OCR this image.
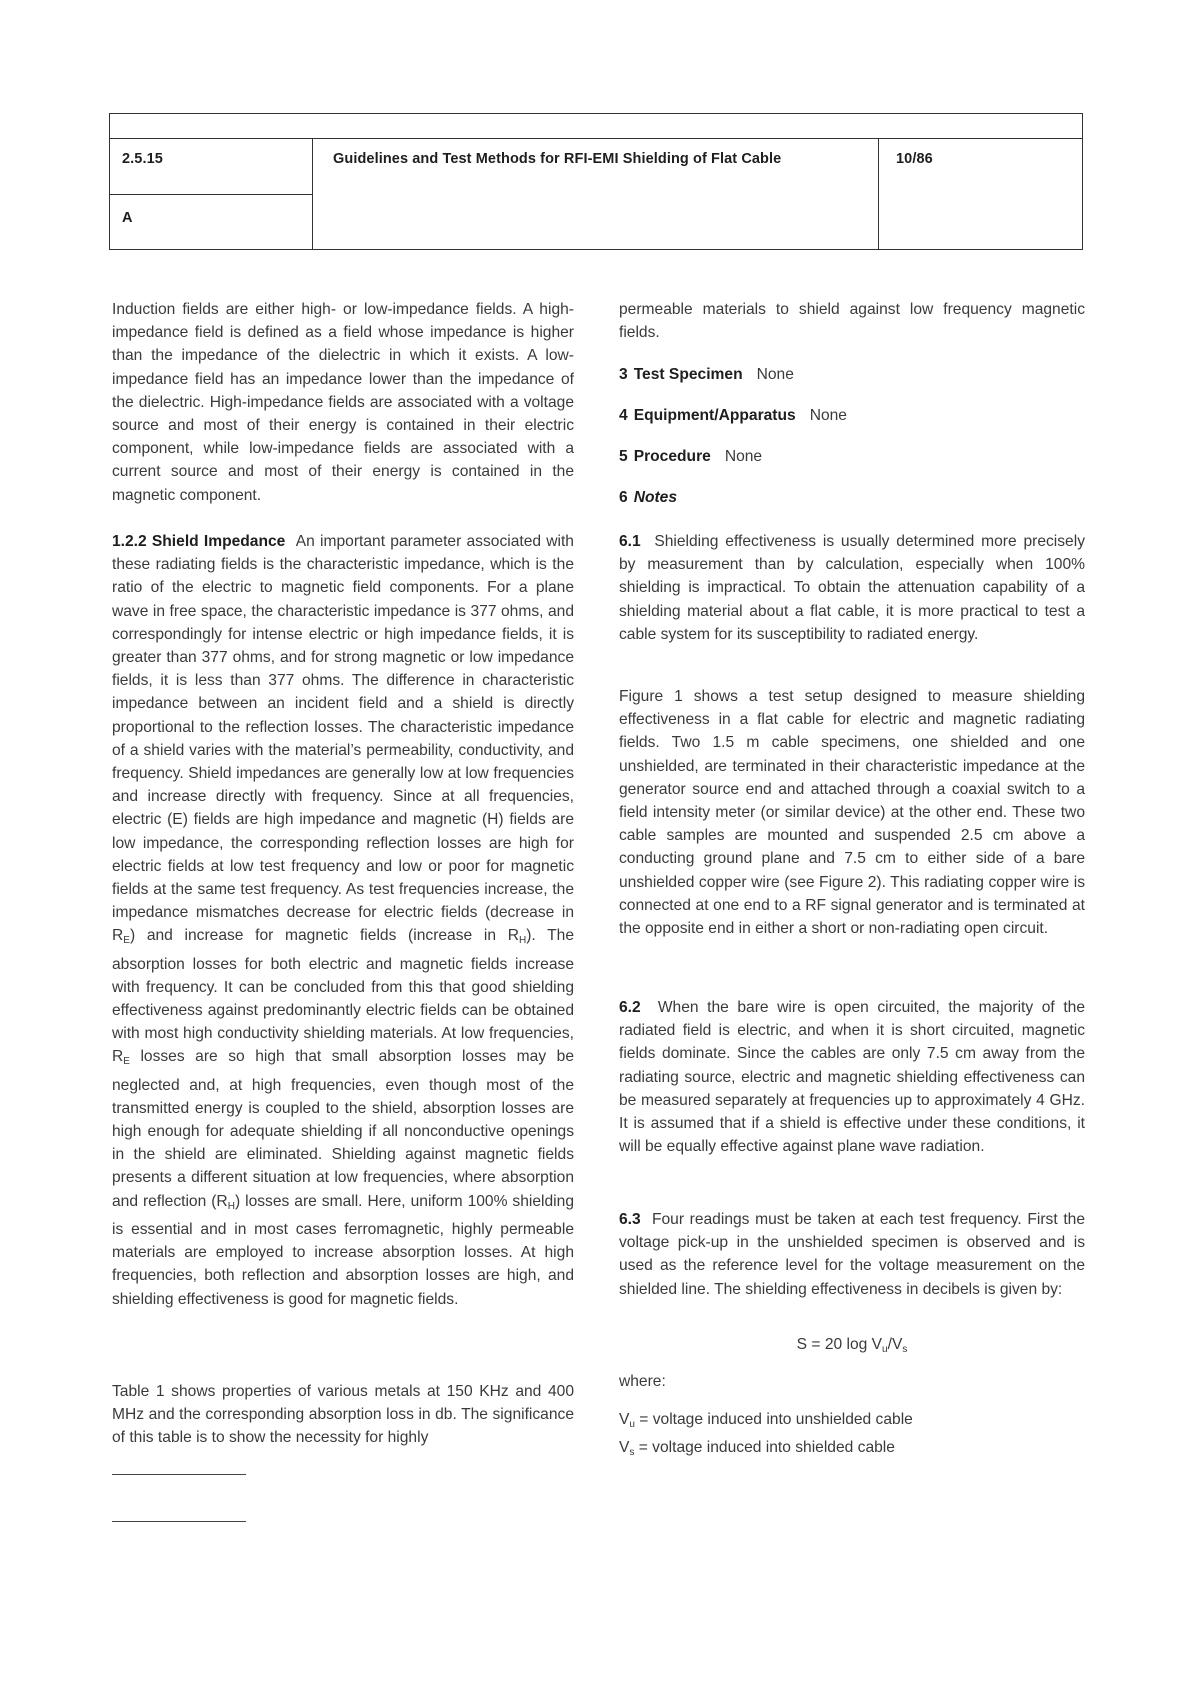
2.5.15
A
Guidelines and Test Methods for RFI-EMI Shielding of Flat Cable	10/86

Induction fields are either high- or low-impedance fields. A high-impedance field is defined as a field whose impedance is higher than the impedance of the dielectric in which it exists. A low-impedance field has an impedance lower than the impedance of the dielectric. High-impedance fields are associated with a voltage source and most of their energy is contained in their electric component, while low-impedance fields are associated with a current source and most of their energy is contained in the magnetic component.

1.2.2 Shield Impedance An important parameter associated with these radiating fields is the characteristic impedance, which is the ratio of the electric to magnetic field components. For a plane wave in free space, the characteristic impedance is 377 ohms, and correspondingly for intense electric or high impedance fields, it is greater than 377 ohms, and for strong magnetic or low impedance fields, it is less than 377 ohms. The difference in characteristic impedance between an incident field and a shield is directly proportional to the reflection losses. The characteristic impedance of a shield varies with the material’s permeability, conductivity, and frequency. Shield impedances are generally low at low frequencies and increase directly with frequency. Since at all frequencies, electric (E) fields are high impedance and magnetic (H) fields are low impedance, the corresponding reflection losses are high for electric fields at low test frequency and low or poor for magnetic fields at the same test frequency. As test frequencies increase, the impedance mismatches decrease for electric fields (decrease in $R_E$) and increase for magnetic fields (increase in $R_H$). The absorption losses for both electric and magnetic fields increase with frequency. It can be concluded from this that good shielding effectiveness against predominantly electric fields can be obtained with most high conductivity shielding materials. At low frequencies, $R_E$ losses are so high that small absorption losses may be neglected and, at high frequencies, even though most of the transmitted energy is coupled to the shield, absorption losses are high enough for adequate shielding if all nonconductive openings in the shield are eliminated. Shielding against magnetic fields presents a different situation at low frequencies, where absorption and reflection $(R_H)$ losses are small. Here, uniform 100% shielding is essential and in most cases ferromagnetic, highly permeable materials are employed to increase absorption losses. At high frequencies, both reflection and absorption losses are high, and shielding effectiveness is good for magnetic fields.

Table 1 shows properties of various metals at 150 KHz and 400 MHz and the corresponding absorption loss in db. The significance of this table is to show the necessity for highly

permeable materials to shield against low frequency magnetic fields.

3 Test Specimen None
4 Equipment/Apparatus None
5 Procedure None
6 Notes

6.1 Shielding effectiveness is usually determined more precisely by measurement than by calculation, especially when 100% shielding is impractical. To obtain the attenuation capability of a shielding material about a flat cable, it is more practical to test a cable system for its susceptibility to radiated energy.

Figure 1 shows a test setup designed to measure shielding effectiveness in a flat cable for electric and magnetic radiating fields. Two 1.5 m cable specimens, one shielded and one unshielded, are terminated in their characteristic impedance at the generator source end and attached through a coaxial switch to a field intensity meter (or similar device) at the other end. These two cable samples are mounted and suspended 2.5 cm above a conducting ground plane and 7.5 cm to either side of a bare unshielded copper wire (see Figure 2). This radiating copper wire is connected at one end to a RF signal generator and is terminated at the opposite end in either a short or non-radiating open circuit.

6.2 When the bare wire is open circuited, the majority of the radiated field is electric, and when it is short circuited, magnetic fields dominate. Since the cables are only 7.5 cm away from the radiating source, electric and magnetic shielding effectiveness can be measured separately at frequencies up to approximately 4 GHz. It is assumed that if a shield is effective under these conditions, it will be equally effective against plane wave radiation.

6.3 Four readings must be taken at each test frequency. First the voltage pick-up in the unshielded specimen is observed and is used as the reference level for the voltage measurement on the shielded line. The shielding effectiveness in decibels is given by:

S = 20 $\log V_u/V_s$

where:

$V_u$ = voltage induced into unshielded cable

$V_s$ = voltage induced into shielded cable
